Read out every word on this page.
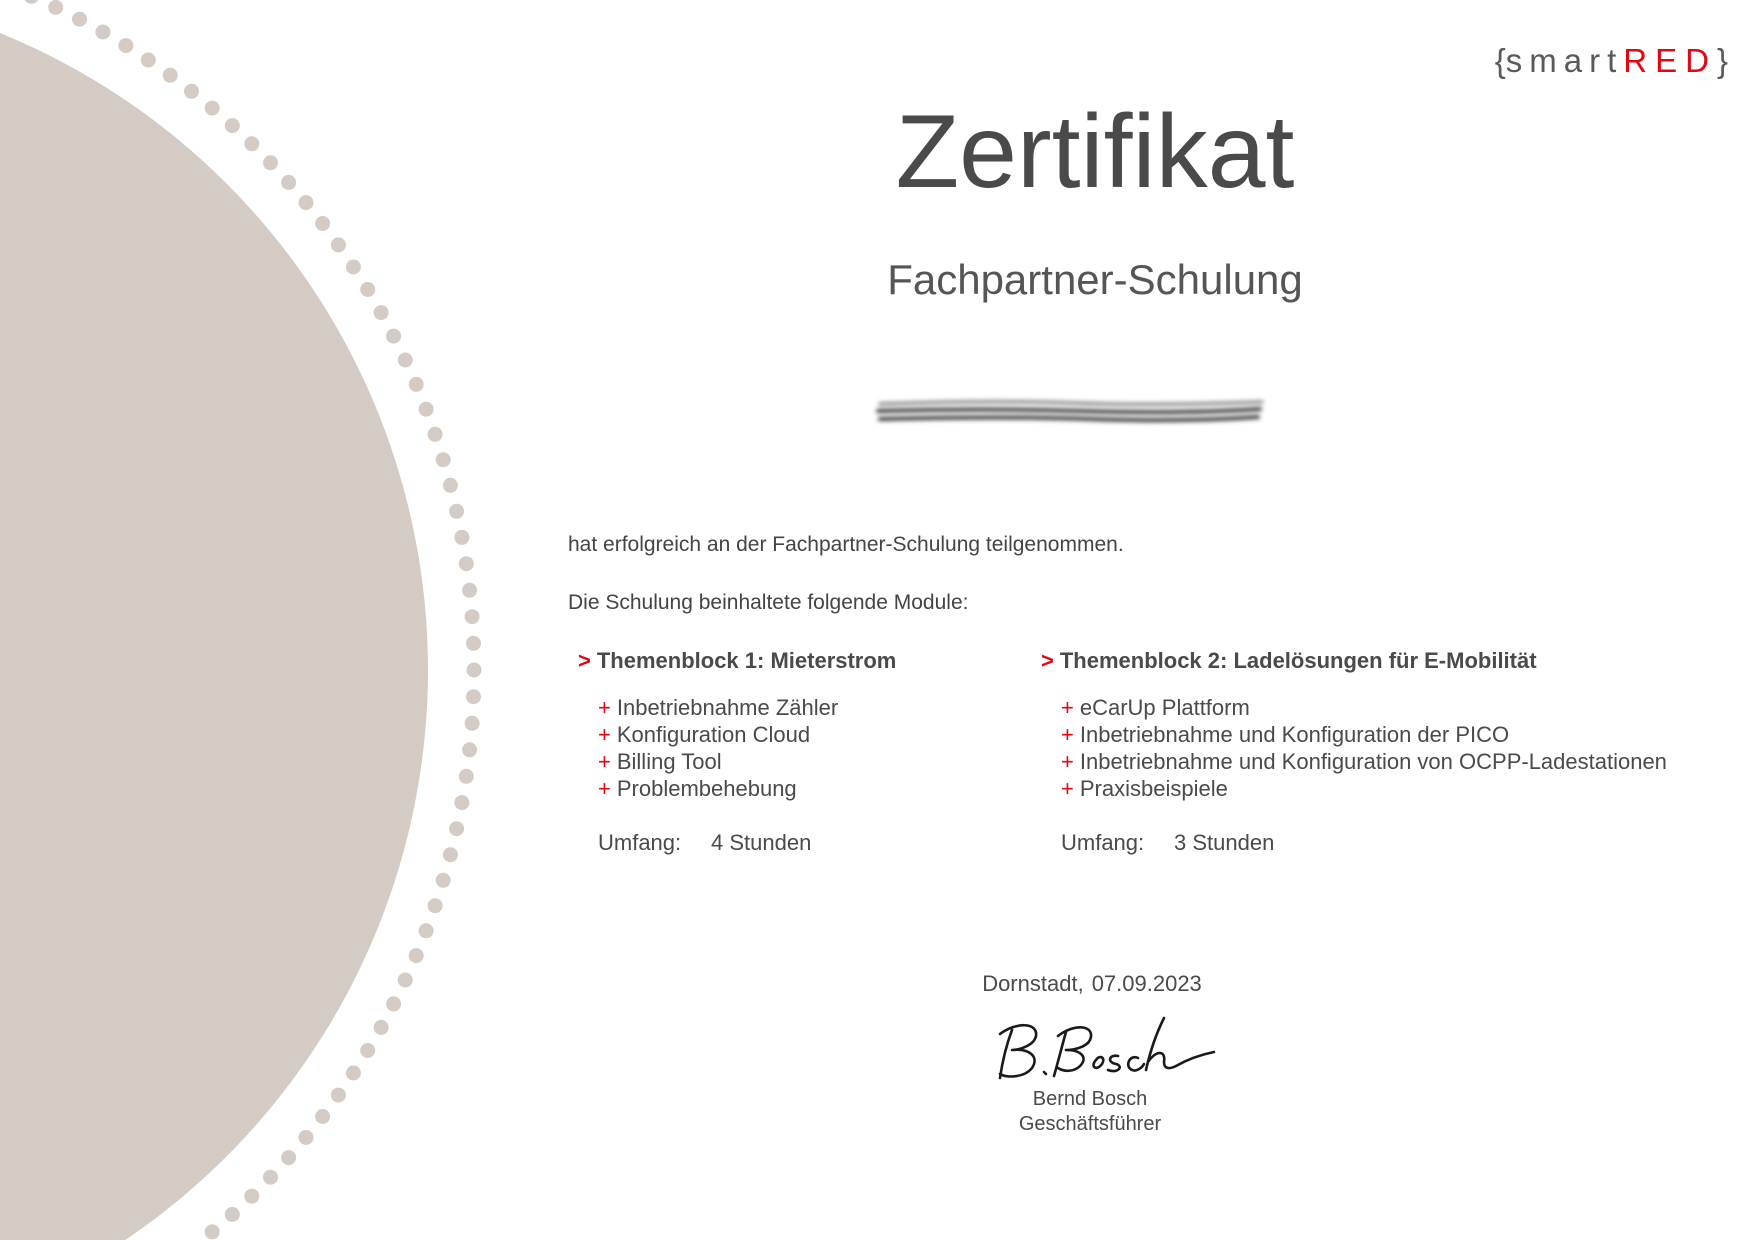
{smartRED}
Zertifikat
Fachpartner-Schulung
hat erfolgreich an der Fachpartner-Schulung teilgenommen.
Die Schulung beinhaltete folgende Module:

> Themenblock 1: Mieterstrom

+ Inbetriebnahme Zähler
+ Konfiguration Cloud
+ Billing Tool
+ Problembehebung
Umfang: 4 Stunden

> Themenblock 2: Ladelösungen für E-Mobilität

+ eCarUp Plattform
+ Inbetriebnahme und Konfiguration der PICO
+ Inbetriebnahme und Konfiguration von OCPP-Ladestationen
+ Praxisbeispiele
Umfang: 3 Stunden
Dornstadt, 07.09.2023
Bernd Bosch
Geschäftsführer
